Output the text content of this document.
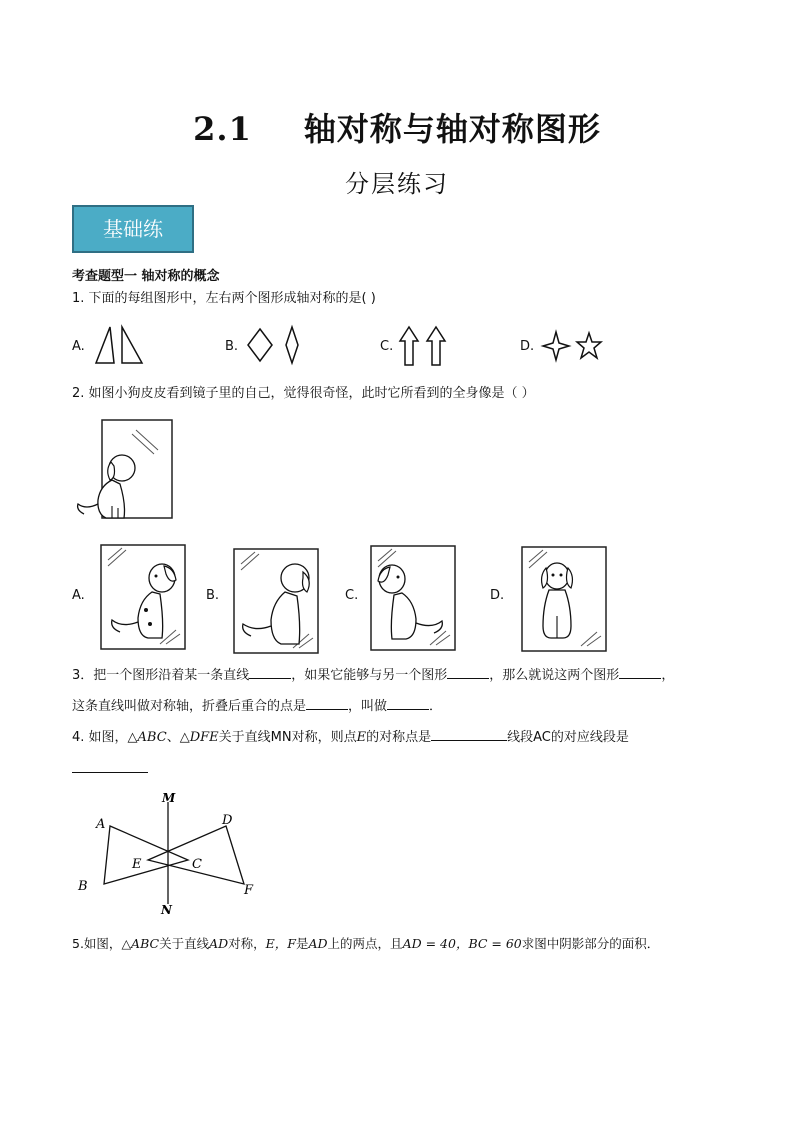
2.1 轴对称与轴对称图形
分层练习
基础练
考查题型一 轴对称的概念
1. 下面的每组图形中，左右两个图形成轴对称的是( )
A.	B.	C.	D.
2. 如图小狗皮皮看到镜子里的自己，觉得很奇怪，此时它所看到的全身像是（ ）
A.	B.	C.	D.
3．把一个图形沿着某一条直线	，如果它能够与另一个图形	，那么就说这两个图形	，
这条直线叫做对称轴，折叠后重合的点是	，叫做	．
4. 如图，△ABC、△DFE关于直线MN对称，则点E的对称点是	线段AC的对应线段是
M
N
A
B
C
D
E
F
5.如图，△ABC关于直线AD对称，E，F是AD上的两点，且AD = 40，BC = 60求图中阴影部分的面积．
